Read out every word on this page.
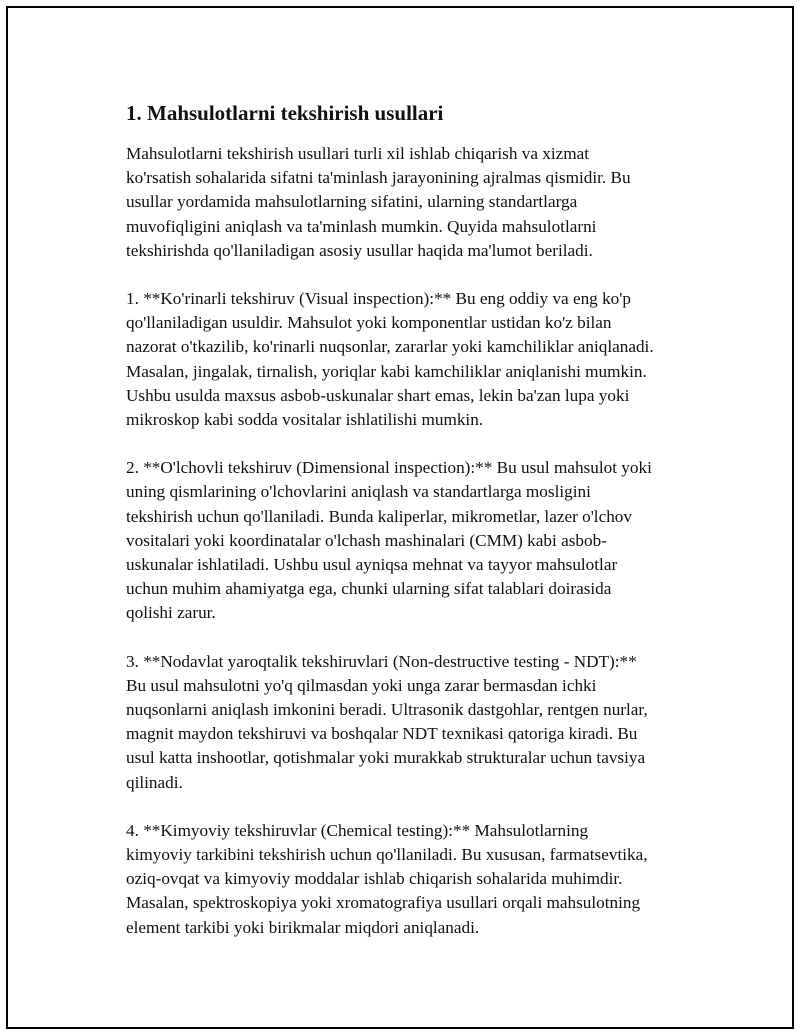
1. Mahsulotlarni tekshirish usullari

Mahsulotlarni tekshirish usullari turli xil ishlab chiqarish va xizmat
ko'rsatish sohalarida sifatni ta'minlash jarayonining ajralmas qismidir. Bu
usullar yordamida mahsulotlarning sifatini, ularning standartlarga
muvofiqligini aniqlash va ta'minlash mumkin. Quyida mahsulotlarni
tekshirishda qo'llaniladigan asosiy usullar haqida ma'lumot beriladi.

1. **Ko'rinarli tekshiruv (Visual inspection):** Bu eng oddiy va eng ko'p
qo'llaniladigan usuldir. Mahsulot yoki komponentlar ustidan ko'z bilan
nazorat o'tkazilib, ko'rinarli nuqsonlar, zararlar yoki kamchiliklar aniqlanadi.
Masalan, jingalak, tirnalish, yoriqlar kabi kamchiliklar aniqlanishi mumkin.
Ushbu usulda maxsus asbob-uskunalar shart emas, lekin ba'zan lupa yoki
mikroskop kabi sodda vositalar ishlatilishi mumkin.

2. **O'lchovli tekshiruv (Dimensional inspection):** Bu usul mahsulot yoki
uning qismlarining o'lchovlarini aniqlash va standartlarga mosligini
tekshirish uchun qo'llaniladi. Bunda kaliperlar, mikrometlar, lazer o'lchov
vositalari yoki koordinatalar o'lchash mashinalari (CMM) kabi asbob-
uskunalar ishlatiladi. Ushbu usul ayniqsa mehnat va tayyor mahsulotlar
uchun muhim ahamiyatga ega, chunki ularning sifat talablari doirasida
qolishi zarur.

3. **Nodavlat yaroqtalik tekshiruvlari (Non-destructive testing - NDT):**
Bu usul mahsulotni yo'q qilmasdan yoki unga zarar bermasdan ichki
nuqsonlarni aniqlash imkonini beradi. Ultrasonik dastgohlar, rentgen nurlar,
magnit maydon tekshiruvi va boshqalar NDT texnikasi qatoriga kiradi. Bu
usul katta inshootlar, qotishmalar yoki murakkab strukturalar uchun tavsiya
qilinadi.

4. **Kimyoviy tekshiruvlar (Chemical testing):** Mahsulotlarning
kimyoviy tarkibini tekshirish uchun qo'llaniladi. Bu xususan, farmatsevtika,
oziq-ovqat va kimyoviy moddalar ishlab chiqarish sohalarida muhimdir.
Masalan, spektroskopiya yoki xromatografiya usullari orqali mahsulotning
element tarkibi yoki birikmalar miqdori aniqlanadi.
